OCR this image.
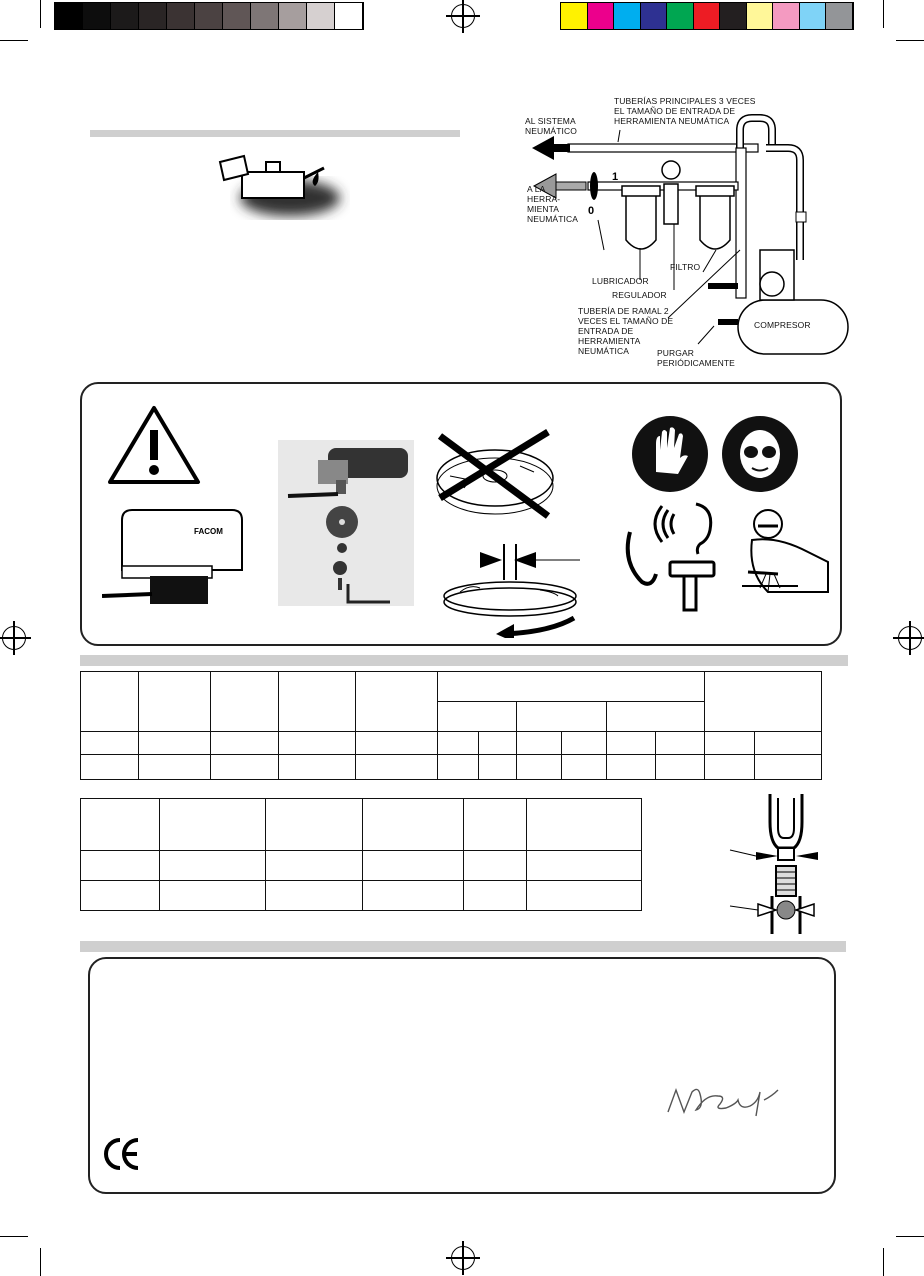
1
0
TUBERÍAS PRINCIPALES 3 VECES EL TAMAÑO DE ENTRADA DE HERRAMIENTA NEUMÁTICA
AL SISTEMA NEUMÁTICO
A LA HERRA- MIENTA NEUMÁTICA
LUBRICADOR
FILTRO
REGULADOR
TUBERÍA DE RAMAL 2 VECES EL TAMAÑO DE ENTRADA DE HERRAMIENTA NEUMÁTICA	PURGAR PERIÓDICAMENTE
COMPRESOR
FACOM
